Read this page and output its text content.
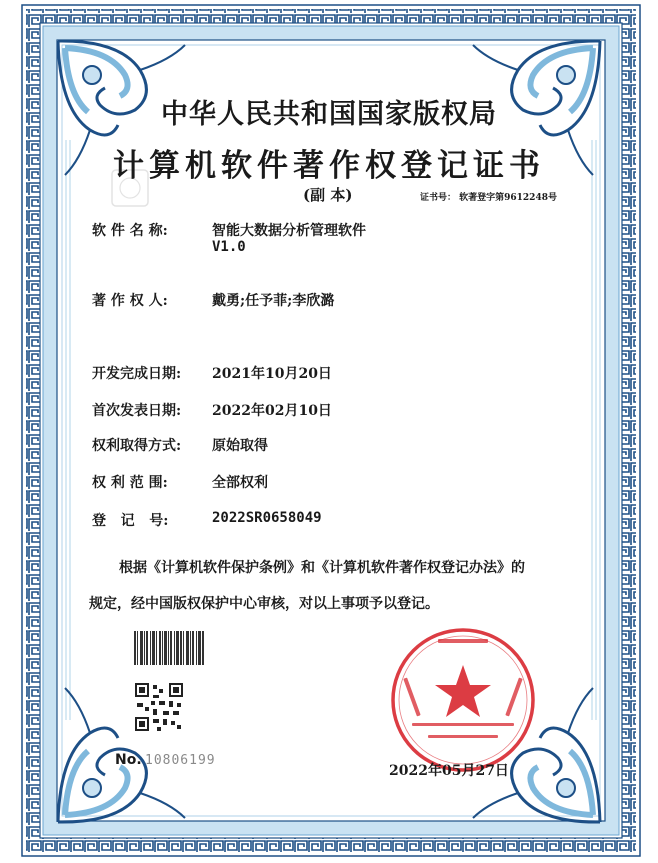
中华人民共和国国家版权局
计算机软件著作权登记证书
(副 本)	证书号： 软著登字第9612248号
软 件 名 称:	智能大数据分析管理软件
V1.0
著 作 权 人:	戴勇;任予菲;李欣潞
开发完成日期: 2021年10月20日
首次发表日期: 2022年02月10日
权利取得方式: 原始取得
权 利 范 围:	全部权利
登   记   号:	2022SR0658049
根据《计算机软件保护条例》和《计算机软件著作权登记办法》的
规定，经中国版权保护中心审核，对以上事项予以登记。
No. 10806199
2022年05月27日
